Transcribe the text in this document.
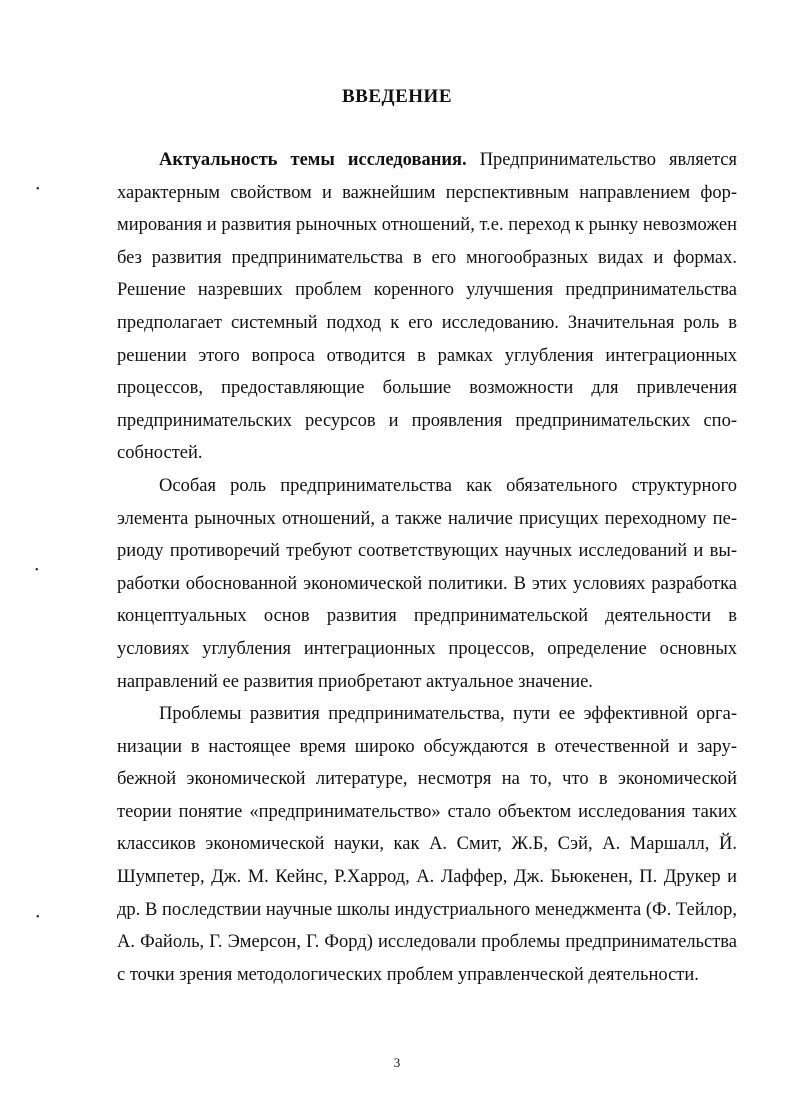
ВВЕДЕНИЕ

Актуальность темы исследования. Предпринимательство является характерным свойством и важнейшим перспективным направлением формирования и развития рыночных отношений, т.е. переход к рынку невозможен без развития предпринимательства в его многообразных видах и формах. Решение назревших проблем коренного улучшения предпринимательства предполагает системный подход к его исследованию. Значительная роль в решении этого вопроса отводится в рамках углубления интеграционных процессов, предоставляющие большие возможности для привлечения предпринимательских ресурсов и проявления предпринимательских способностей.

Особая роль предпринимательства как обязательного структурного элемента рыночных отношений, а также наличие присущих переходному периоду противоречий требуют соответствующих научных исследований и выработки обоснованной экономической политики. В этих условиях разработка концептуальных основ развития предпринимательской деятельности в условиях углубления интеграционных процессов, определение основных направлений ее развития приобретают актуальное значение.

Проблемы развития предпринимательства, пути ее эффективной организации в настоящее время широко обсуждаются в отечественной и зарубежной экономической литературе, несмотря на то, что в экономической теории понятие «предпринимательство» стало объектом исследования таких классиков экономической науки, как А. Смит, Ж.Б, Сэй, А. Маршалл, Й. Шумпетер, Дж. М. Кейнс, Р.Харрод, А. Лаффер, Дж. Бьюкенен, П. Друкер и др. В последствии научные школы индустриального менеджмента (Ф. Тейлор, А. Файоль, Г. Эмерсон, Г. Форд) исследовали проблемы предпринимательства с точки зрения методологических проблем управленческой деятельности.

3
•
•
•
